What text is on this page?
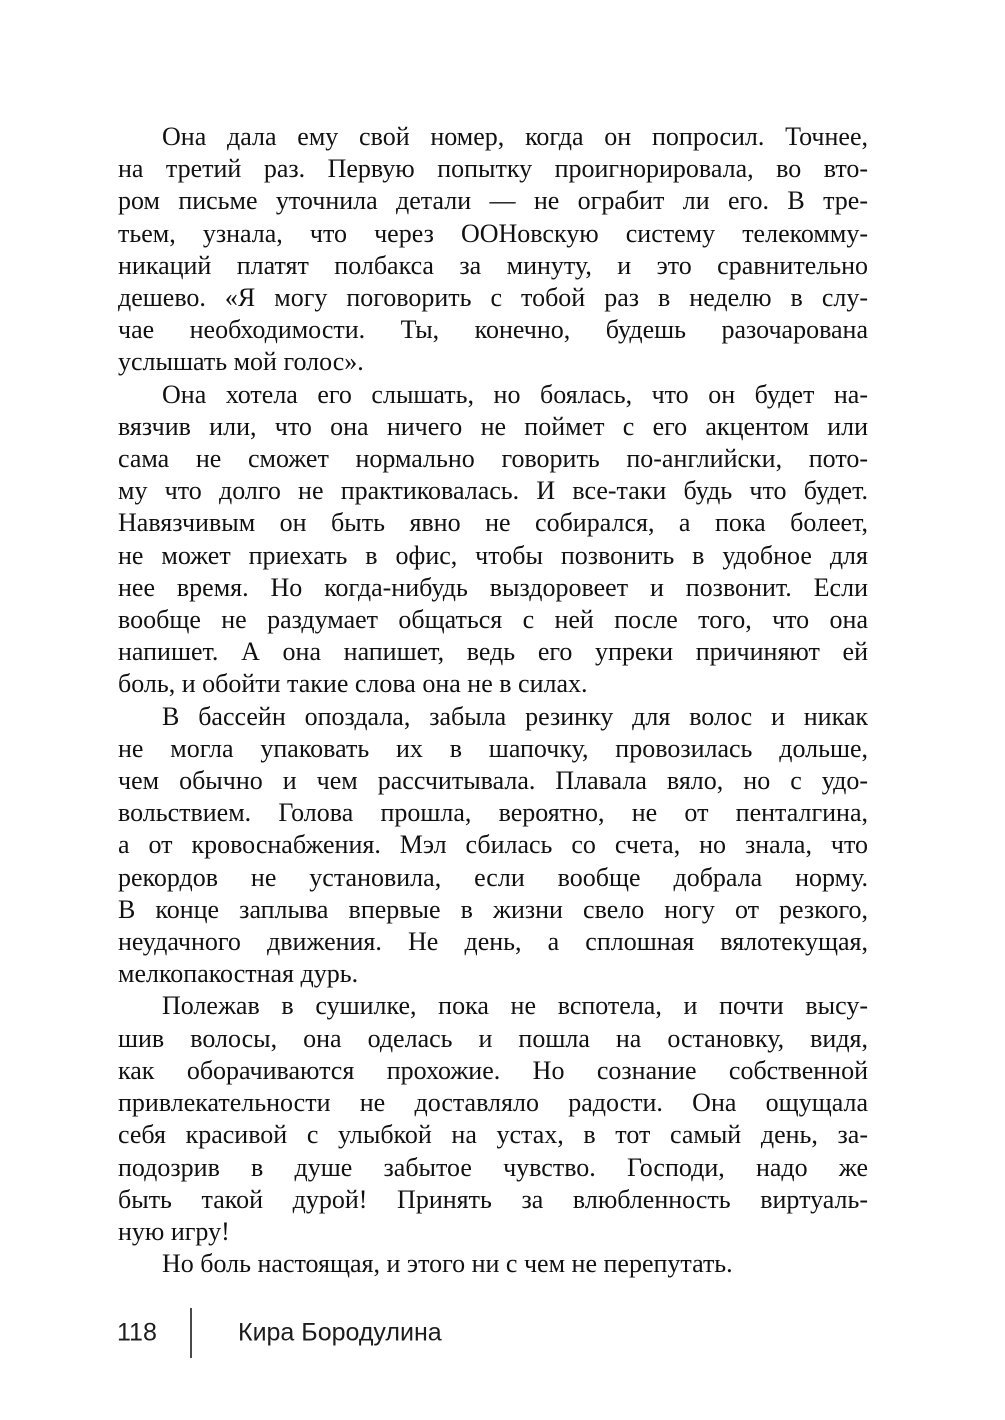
Она дала ему свой номер, когда он попросил. Точнее,
на третий раз. Первую попытку проигнорировала, во вто-
ром письме уточнила детали — не ограбит ли его. В тре-
тьем, узнала, что через ООНовскую систему телекомму-
никаций платят полбакса за минуту, и это сравнительно
дешево. «Я могу поговорить с тобой раз в неделю в слу-
чае необходимости. Ты, конечно, будешь разочарована
услышать мой голос».
Она хотела его слышать, но боялась, что он будет на-
вязчив или, что она ничего не поймет с его акцентом или
сама не сможет нормально говорить по-английски, пото-
му что долго не практиковалась. И все-таки будь что будет.
Навязчивым он быть явно не собирался, а пока болеет,
не может приехать в офис, чтобы позвонить в удобное для
нее время. Но когда-нибудь выздоровеет и позвонит. Если
вообще не раздумает общаться с ней после того, что она
напишет. А она напишет, ведь его упреки причиняют ей
боль, и обойти такие слова она не в силах.
В бассейн опоздала, забыла резинку для волос и никак
не могла упаковать их в шапочку, провозилась дольше,
чем обычно и чем рассчитывала. Плавала вяло, но с удо-
вольствием. Голова прошла, вероятно, не от пенталгина,
а от кровоснабжения. Мэл сбилась со счета, но знала, что
рекордов не установила, если вообще добрала норму.
В конце заплыва впервые в жизни свело ногу от резкого,
неудачного движения. Не день, а сплошная вялотекущая,
мелкопакостная дурь.
Полежав в сушилке, пока не вспотела, и почти высу-
шив волосы, она оделась и пошла на остановку, видя,
как оборачиваются прохожие. Но сознание собственной
привлекательности не доставляло радости. Она ощущала
себя красивой с улыбкой на устах, в тот самый день, за-
подозрив в душе забытое чувство. Господи, надо же
быть такой дурой! Принять за влюбленность виртуаль-
ную игру!
Но боль настоящая, и этого ни с чем не перепутать.
118	Кира Бородулина
